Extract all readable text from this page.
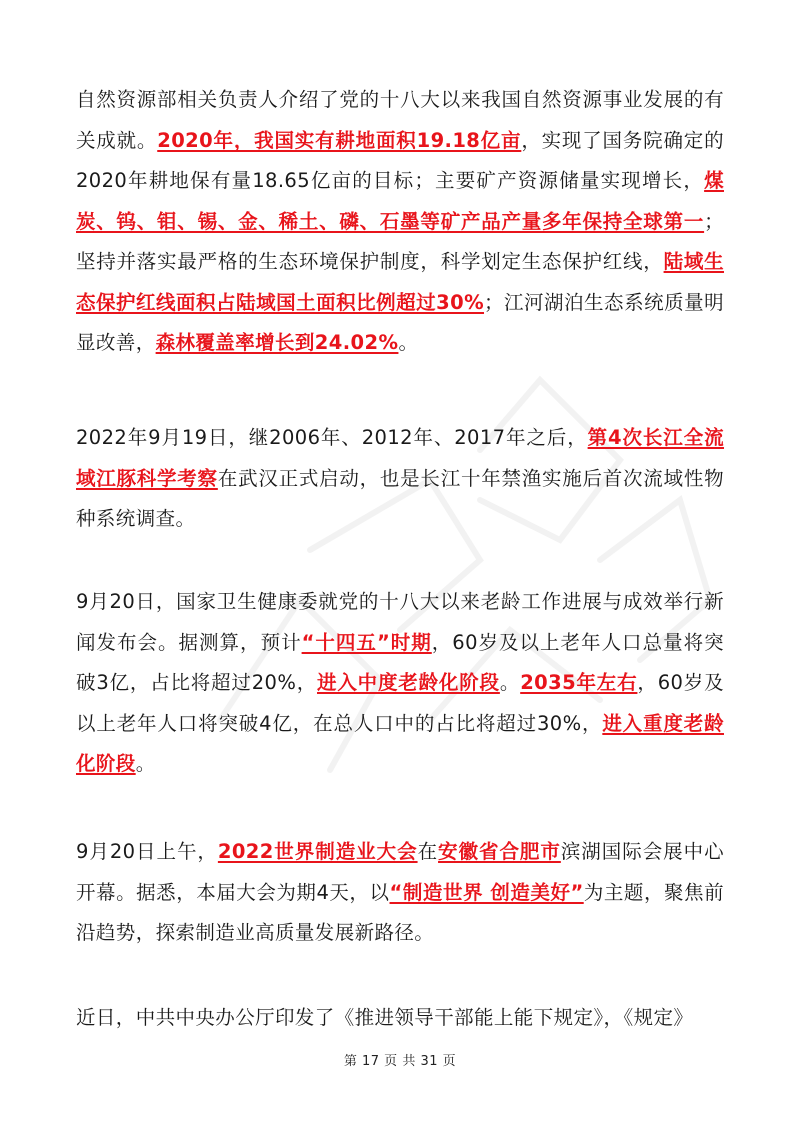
自然资源部相关负责人介绍了党的十八大以来我国自然资源事业发展的有关成就。2020年，我国实有耕地面积19.18亿亩，实现了国务院确定的2020年耕地保有量18.65亿亩的目标；主要矿产资源储量实现增长，煤炭、钨、钼、锡、金、稀土、磷、石墨等矿产品产量多年保持全球第一；坚持并落实最严格的生态环境保护制度，科学划定生态保护红线，陆域生态保护红线面积占陆域国土面积比例超过30%；江河湖泊生态系统质量明显改善，森林覆盖率增长到24.02%。

2022年9月19日，继2006年、2012年、2017年之后，第4次长江全流域江豚科学考察在武汉正式启动，也是长江十年禁渔实施后首次流域性物种系统调查。

9月20日，国家卫生健康委就党的十八大以来老龄工作进展与成效举行新闻发布会。据测算，预计“十四五”时期，60岁及以上老年人口总量将突破3亿，占比将超过20%，进入中度老龄化阶段。2035年左右，60岁及以上老年人口将突破4亿，在总人口中的占比将超过30%，进入重度老龄化阶段。

9月20日上午，2022世界制造业大会在安徽省合肥市滨湖国际会展中心开幕。据悉，本届大会为期4天，以“制造世界 创造美好”为主题，聚焦前沿趋势，探索制造业高质量发展新路径。

近日，中共中央办公厅印发了《推进领导干部能上能下规定》，《规定》

第 17 页 共 31 页
